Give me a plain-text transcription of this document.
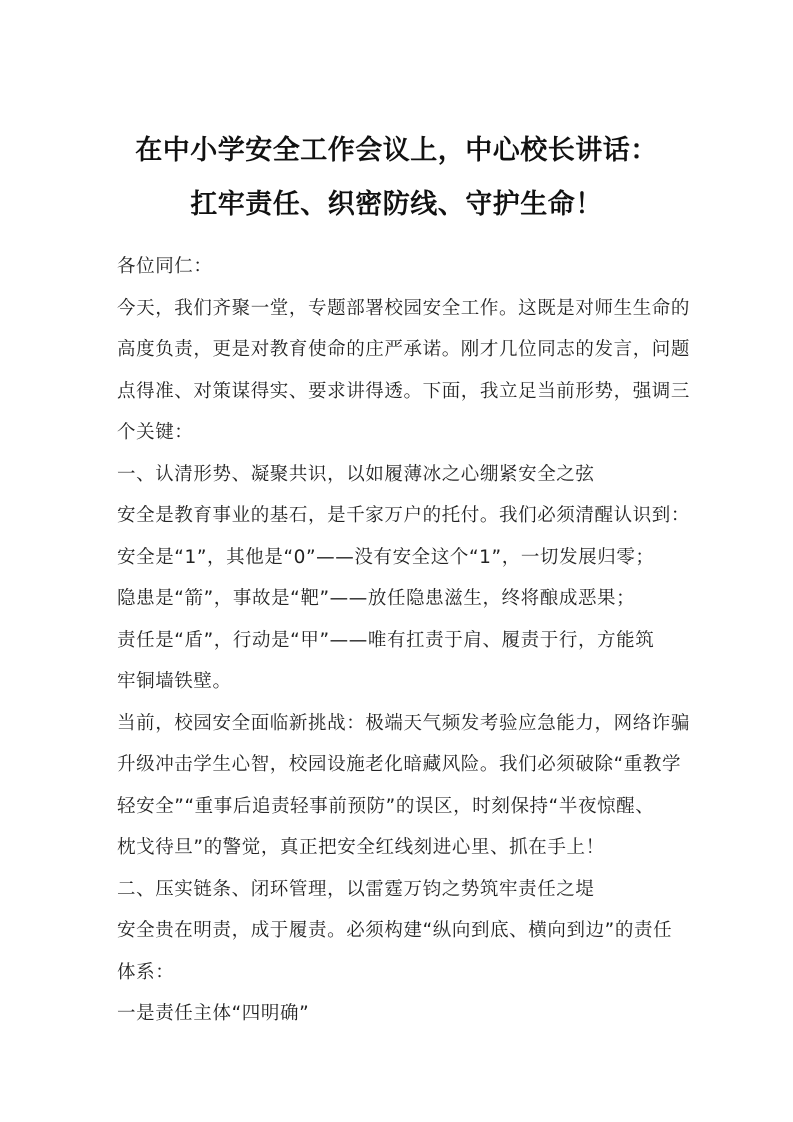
在中小学安全工作会议上，中心校长讲话：
扛牢责任、织密防线、守护生命！
各位同仁：
今天，我们齐聚一堂，专题部署校园安全工作。这既是对师生生命的
高度负责，更是对教育使命的庄严承诺。刚才几位同志的发言，问题
点得准、对策谋得实、要求讲得透。下面，我立足当前形势，强调三
个关键：
一、认清形势、凝聚共识，以如履薄冰之心绷紧安全之弦
安全是教育事业的基石，是千家万户的托付。我们必须清醒认识到：
安全是“1”，其他是“0”——没有安全这个“1”，一切发展归零；
隐患是“箭”，事故是“靶”——放任隐患滋生，终将酿成恶果；
责任是“盾”，行动是“甲”——唯有扛责于肩、履责于行，方能筑
牢铜墙铁壁。
当前，校园安全面临新挑战：极端天气频发考验应急能力，网络诈骗
升级冲击学生心智，校园设施老化暗藏风险。我们必须破除“重教学
轻安全”“重事后追责轻事前预防”的误区，时刻保持“半夜惊醒、
枕戈待旦”的警觉，真正把安全红线刻进心里、抓在手上！
二、压实链条、闭环管理，以雷霆万钧之势筑牢责任之堤
安全贵在明责，成于履责。必须构建“纵向到底、横向到边”的责任
体系：
一是责任主体“四明确”
